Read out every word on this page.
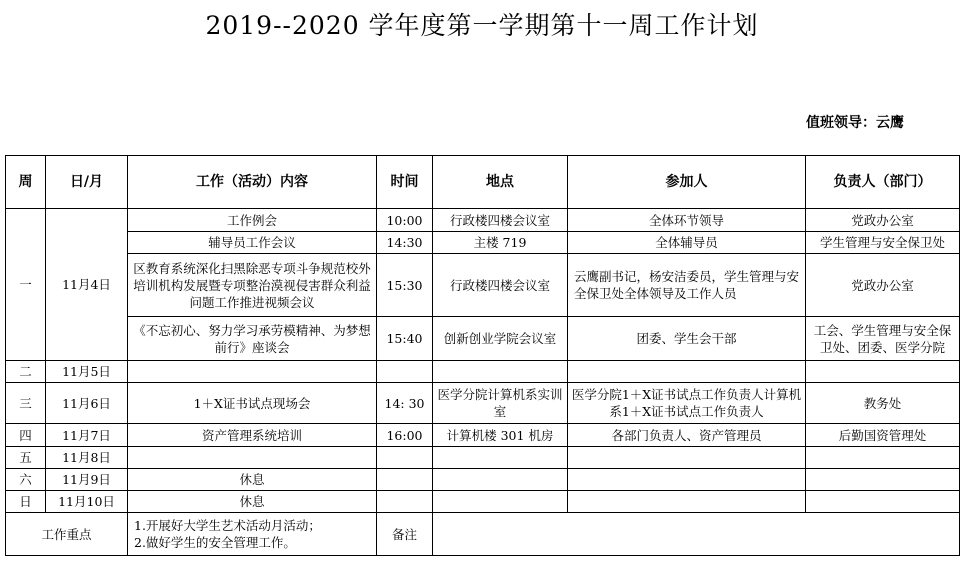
2019--2020 学年度第一学期第十一周工作计划
值班领导：云鹰
周	日/月	工作（活动）内容	时间	地点	参加人	负责人（部门）
一	11月4日	工作例会	10:00	行政楼四楼会议室	全体环节领导	党政办公室
		辅导员工作会议	14:30	主楼 719	全体辅导员	学生管理与安全保卫处
		区教育系统深化扫黑除恶专项斗争规范校外培训机构发展暨专项整治漠视侵害群众利益问题工作推进视频会议	15:30	行政楼四楼会议室	云鹰副书记，杨安洁委员，学生管理与安全保卫处全体领导及工作人员	党政办公室
		《不忘初心、努力学习承劳模精神、为梦想前行》座谈会	15:40	创新创业学院会议室	团委、学生会干部	工会、学生管理与安全保卫处、团委、医学分院
二	11月5日					
三	11月6日	1＋X证书试点现场会	14: 30	医学分院计算机系实训室	医学分院1＋X证书试点工作负责人计算机系1＋X证书试点工作负责人	教务处
四	11月7日	资产管理系统培训	16:00	计算机楼 301 机房	各部门负责人、资产管理员	后勤国资管理处
五	11月8日					
六	11月9日	休息				
日	11月10日	休息				
工作重点		1.开展好大学生艺术活动月活动；
2.做好学生的安全管理工作。	备注			
